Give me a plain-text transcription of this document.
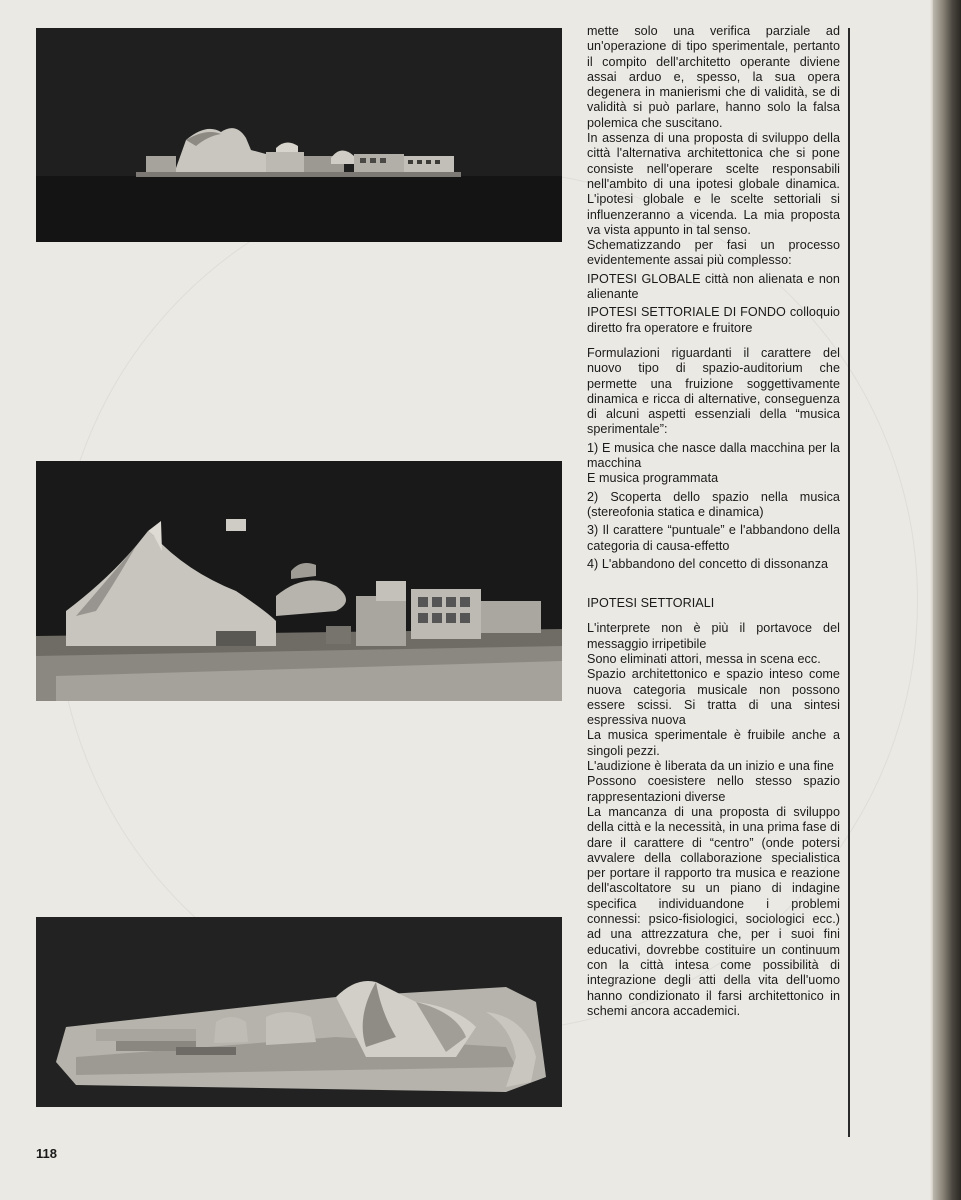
mette solo una verifica parziale ad un'operazione di tipo sperimentale, pertanto il compito dell'architetto operante diviene assai arduo e, spesso, la sua opera degenera in manierismi che di validità, se di validità si può parlare, hanno solo la falsa polemica che suscitano.

In assenza di una proposta di sviluppo della città l'alternativa architettonica che si pone consiste nell'operare scelte responsabili nell'ambito di una ipotesi globale dinamica. L'ipotesi globale e le scelte settoriali si influenzeranno a vicenda. La mia proposta va vista appunto in tal senso.

Schematizzando per fasi un processo evidentemente assai più complesso:

IPOTESI GLOBALE città non alienata e non alienante

IPOTESI SETTORIALE DI FONDO colloquio diretto fra operatore e fruitore

Formulazioni riguardanti il carattere del nuovo tipo di spazio-auditorium che permette una fruizione soggettivamente dinamica e ricca di alternative, conseguenza di alcuni aspetti essenziali della “musica sperimentale”:

1) E musica che nasce dalla macchina per la macchina

E musica programmata

2) Scoperta dello spazio nella musica (stereofonia statica e dinamica)

3) Il carattere “puntuale” e l'abbandono della categoria di causa-effetto

4) L'abbandono del concetto di dissonanza

IPOTESI SETTORIALI

L'interprete non è più il portavoce del messaggio irripetibile

Sono eliminati attori, messa in scena ecc.

Spazio architettonico e spazio inteso come nuova categoria musicale non possono essere scissi. Si tratta di una sintesi espressiva nuova

La musica sperimentale è fruibile anche a singoli pezzi.

L'audizione è liberata da un inizio e una fine

Possono coesistere nello stesso spazio rappresentazioni diverse

La mancanza di una proposta di sviluppo della città e la necessità, in una prima fase di dare il carattere di “centro” (onde potersi avvalere della collaborazione specialistica per portare il rapporto tra musica e reazione dell'ascoltatore su un piano di indagine specifica individuandone i problemi connessi: psico-fisiologici, sociologici ecc.) ad una attrezzatura che, per i suoi fini educativi, dovrebbe costituire un continuum con la città intesa come possibilità di integrazione degli atti della vita dell'uomo hanno condizionato il farsi architettonico in schemi ancora accademici.

118
